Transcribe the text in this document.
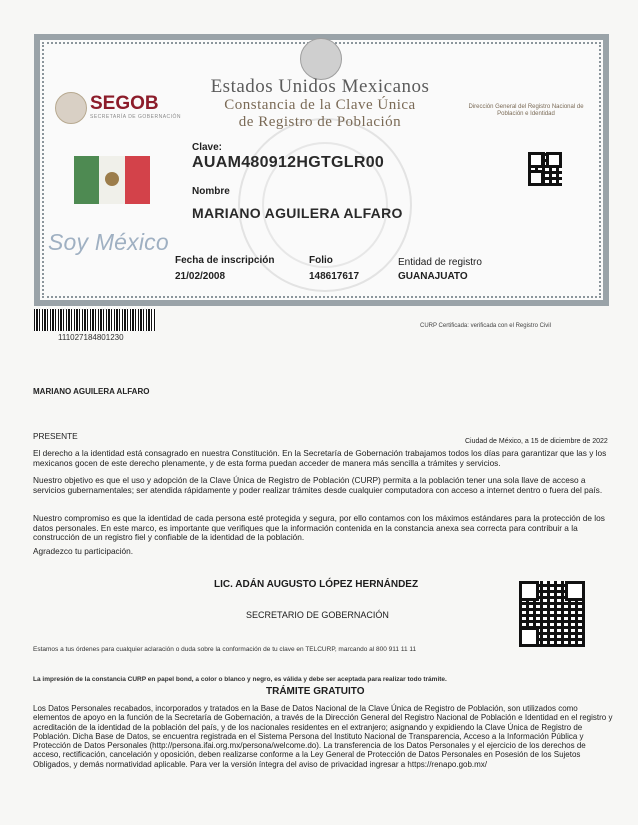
Estados Unidos Mexicanos
Constancia de la Clave Única
de Registro de Población
SEGOB
SECRETARÍA DE GOBERNACIÓN
Dirección General del Registro Nacional de Población e Identidad
Soy México
Clave:
AUAM480912HGTGLR00
Nombre
MARIANO AGUILERA ALFARO
Fecha de inscripción
21/02/2008
Folio
148617617
Entidad de registro
GUANAJUATO
111027184801230
CURP Certificada: verificada con el Registro Civil
MARIANO AGUILERA ALFARO
PRESENTE
Ciudad de México, a 15 de diciembre de 2022
El derecho a la identidad está consagrado en nuestra Constitución. En la Secretaría de Gobernación trabajamos todos los días para garantizar que las y los mexicanos gocen de este derecho plenamente, y de esta forma puedan acceder de manera más sencilla a trámites y servicios.
Nuestro objetivo es que el uso y adopción de la Clave Única de Registro de Población (CURP) permita a la población tener una sola llave de acceso a servicios gubernamentales; ser atendida rápidamente y poder realizar trámites desde cualquier computadora con acceso a internet dentro o fuera del país.
Nuestro compromiso es que la identidad de cada persona esté protegida y segura, por ello contamos con los máximos estándares para la protección de los datos personales. En este marco, es importante que verifiques que la información contenida en la constancia anexa sea correcta para contribuir a la construcción de un registro fiel y confiable de la identidad de la población.
Agradezco tu participación.
LIC. ADÁN AUGUSTO LÓPEZ HERNÁNDEZ
SECRETARIO DE GOBERNACIÓN
Estamos a tus órdenes para cualquier aclaración o duda sobre la conformación de tu clave en TELCURP, marcando al 800 911 11 11
La impresión de la constancia CURP en papel bond, a color o blanco y negro, es válida y debe ser aceptada para realizar todo trámite.
TRÁMITE GRATUITO
Los Datos Personales recabados, incorporados y tratados en la Base de Datos Nacional de la Clave Única de Registro de Población, son utilizados como elementos de apoyo en la función de la Secretaría de Gobernación, a través de la Dirección General del Registro Nacional de Población e Identidad en el registro y acreditación de la identidad de la población del país, y de los nacionales residentes en el extranjero; asignando y expidiendo la Clave Única de Registro de Población. Dicha Base de Datos, se encuentra registrada en el Sistema Persona del Instituto Nacional de Transparencia, Acceso a la Información Pública y Protección de Datos Personales (http://persona.ifai.org.mx/persona/welcome.do). La transferencia de los Datos Personales y el ejercicio de los derechos de acceso, rectificación, cancelación y oposición, deben realizarse conforme a la Ley General de Protección de Datos Personales en Posesión de los Sujetos Obligados, y demás normatividad aplicable. Para ver la versión íntegra del aviso de privacidad ingresar a https://renapo.gob.mx/
